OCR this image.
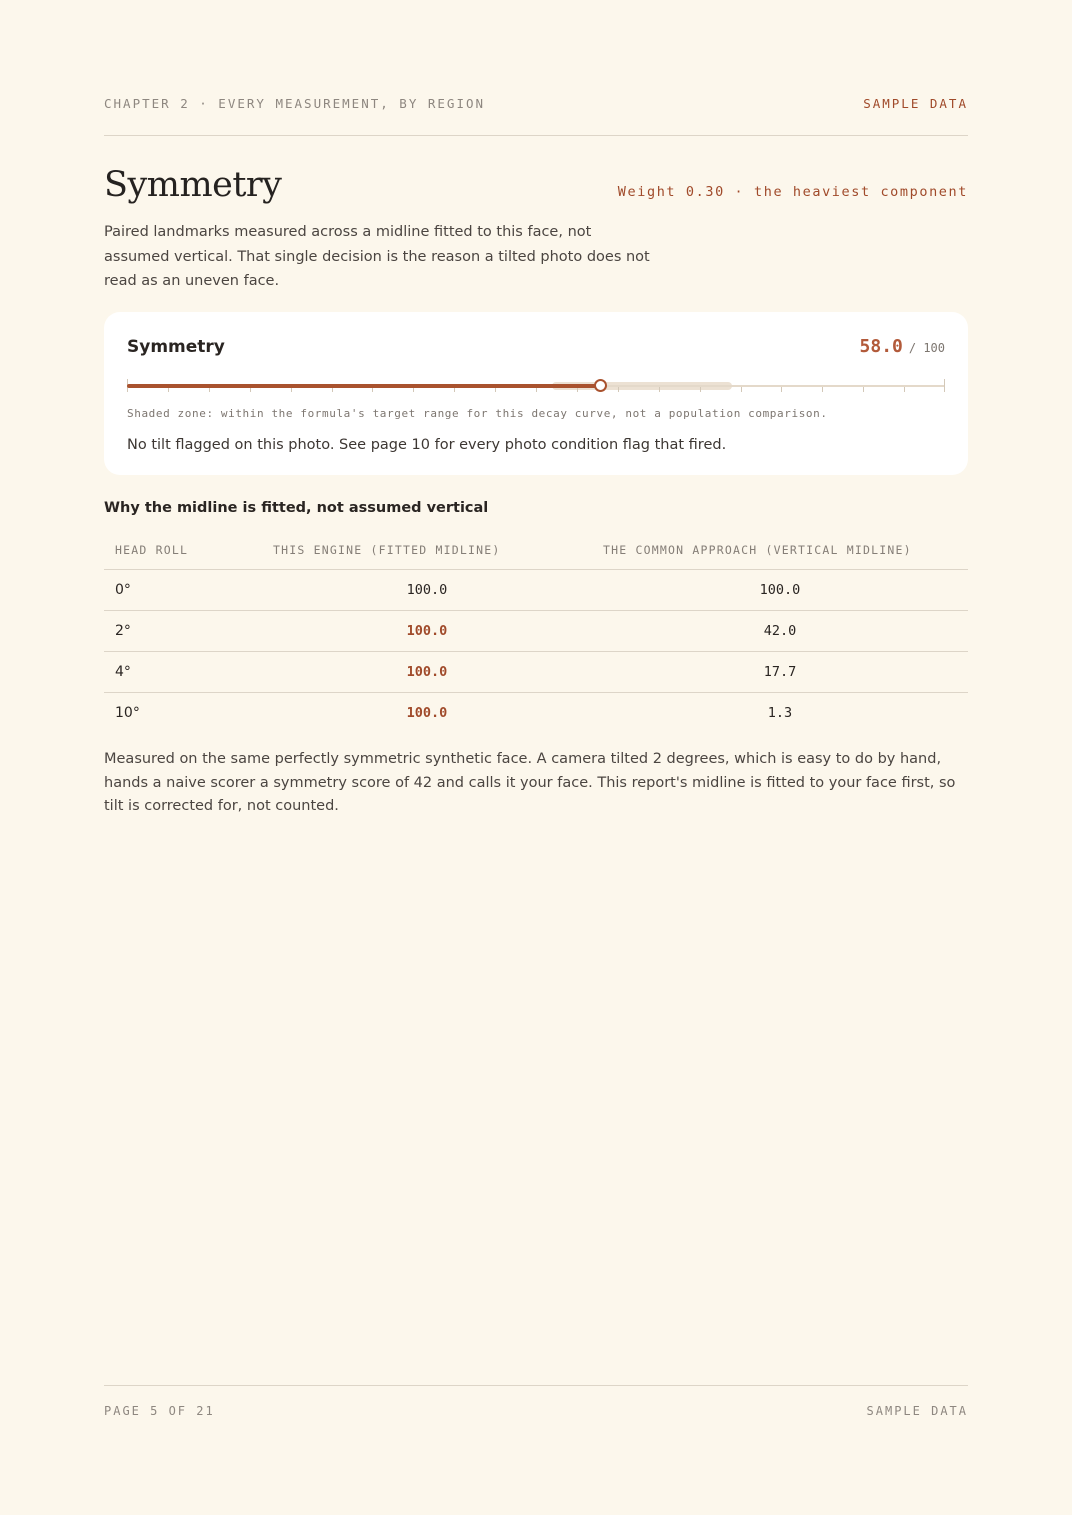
CHAPTER 2 · EVERY MEASUREMENT, BY REGION	SAMPLE DATA
Symmetry	Weight 0.30 · the heaviest component
Paired landmarks measured across a midline fitted to this face, not assumed vertical. That single decision is the reason a tilted photo does not read as an uneven face.
Symmetry	58.0 / 100
Shaded zone: within the formula's target range for this decay curve, not a population comparison.
No tilt flagged on this photo. See page 10 for every photo condition flag that fired.
Why the midline is fitted, not assumed vertical
HEAD ROLL	THIS ENGINE (FITTED MIDLINE)	THE COMMON APPROACH (VERTICAL MIDLINE)
0°	100.0	100.0
2°	100.0	42.0
4°	100.0	17.7
10°	100.0	1.3
Measured on the same perfectly symmetric synthetic face. A camera tilted 2 degrees, which is easy to do by hand, hands a naive scorer a symmetry score of 42 and calls it your face. This report's midline is fitted to your face first, so tilt is corrected for, not counted.
PAGE 5 OF 21	SAMPLE DATA
